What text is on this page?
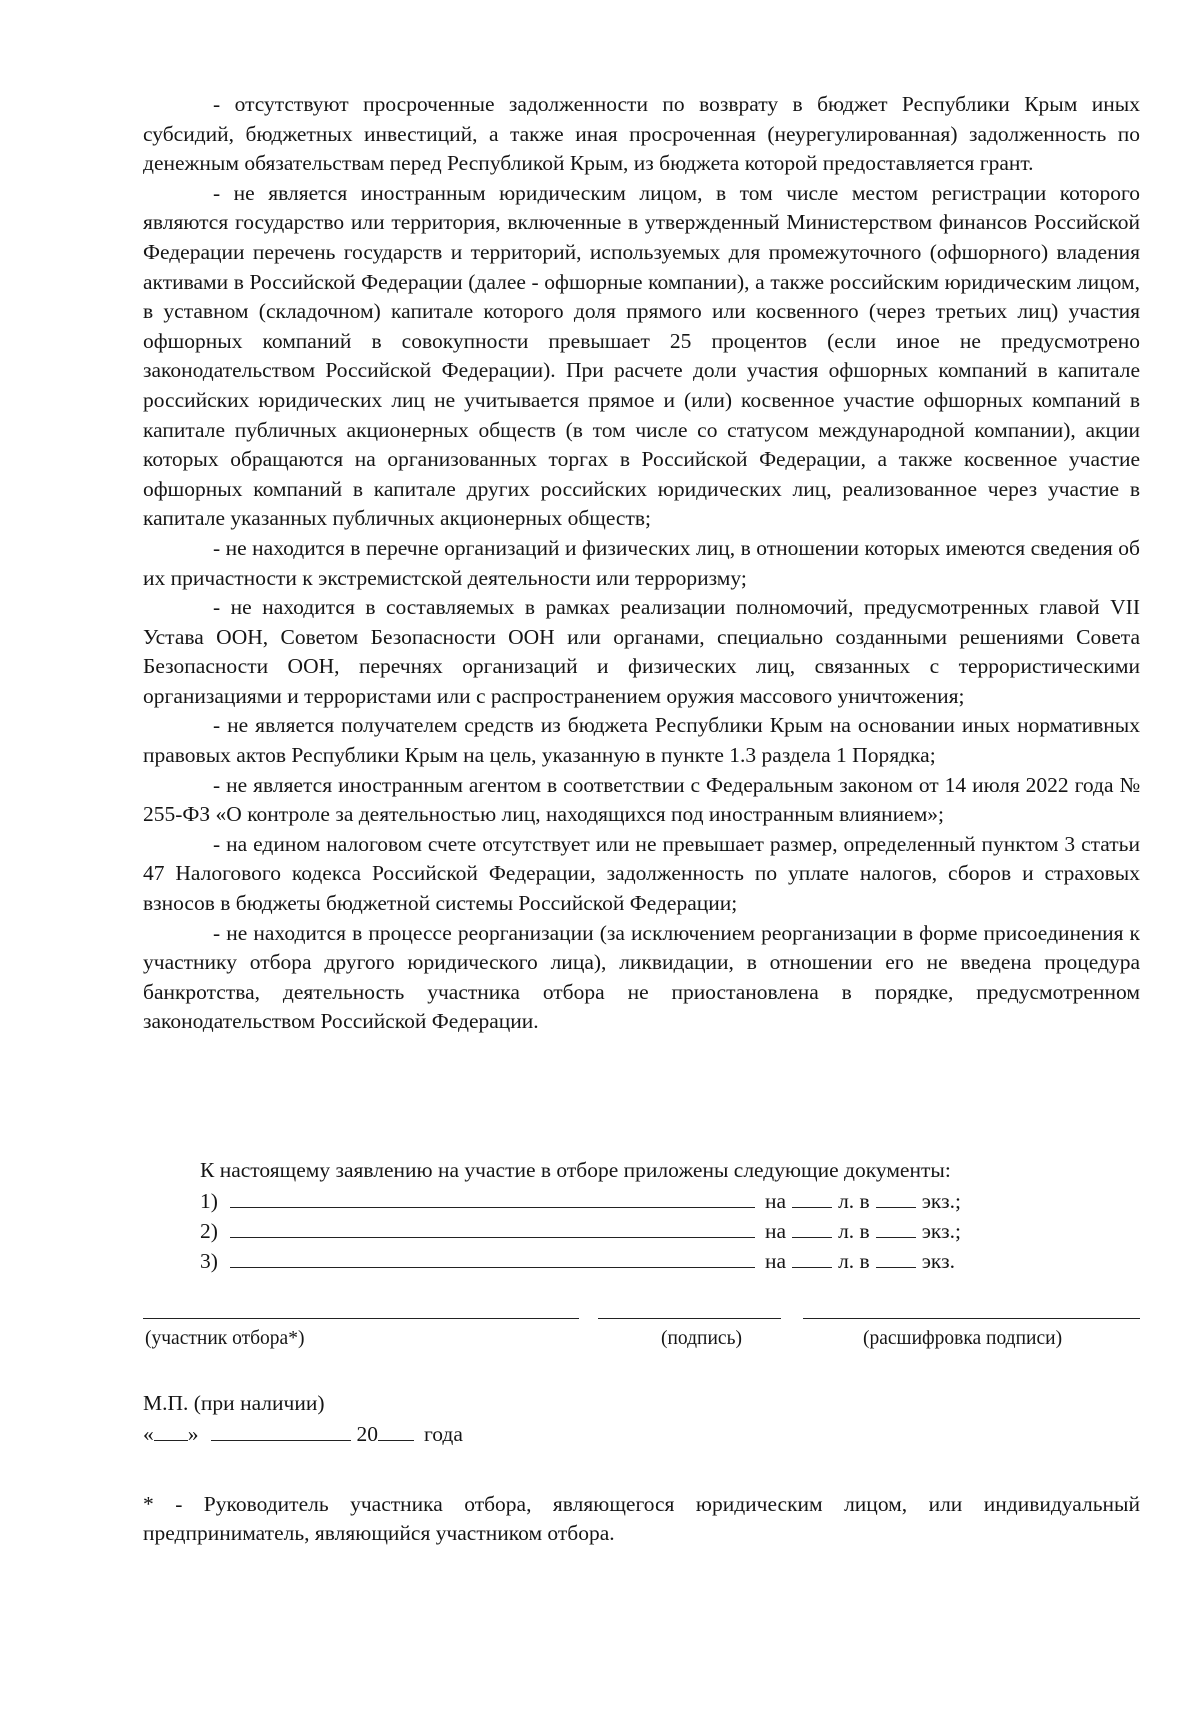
- отсутствуют просроченные задолженности по возврату в бюджет Республики Крым иных субсидий, бюджетных инвестиций, а также иная просроченная (неурегулированная) задолженность по денежным обязательствам перед Республикой Крым, из бюджета которой предоставляется грант.

- не является иностранным юридическим лицом, в том числе местом регистрации которого являются государство или территория, включенные в утвержденный Министерством финансов Российской Федерации перечень государств и территорий, используемых для промежуточного (офшорного) владения активами в Российской Федерации (далее - офшорные компании), а также российским юридическим лицом, в уставном (складочном) капитале которого доля прямого или косвенного (через третьих лиц) участия офшорных компаний в совокупности превышает 25 процентов (если иное не предусмотрено законодательством Российской Федерации). При расчете доли участия офшорных компаний в капитале российских юридических лиц не учитывается прямое и (или) косвенное участие офшорных компаний в капитале публичных акционерных обществ (в том числе со статусом международной компании), акции которых обращаются на организованных торгах в Российской Федерации, а также косвенное участие офшорных компаний в капитале других российских юридических лиц, реализованное через участие в капитале указанных публичных акционерных обществ;

- не находится в перечне организаций и физических лиц, в отношении которых имеются сведения об их причастности к экстремистской деятельности или терроризму;

- не находится в составляемых в рамках реализации полномочий, предусмотренных главой VII Устава ООН, Советом Безопасности ООН или органами, специально созданными решениями Совета Безопасности ООН, перечнях организаций и физических лиц, связанных с террористическими организациями и террористами или с распространением оружия массового уничтожения;

- не является получателем средств из бюджета Республики Крым на основании иных нормативных правовых актов Республики Крым на цель, указанную в пункте 1.3 раздела 1 Порядка;

- не является иностранным агентом в соответствии с Федеральным законом от 14 июля 2022 года № 255-ФЗ «О контроле за деятельностью лиц, находящихся под иностранным влиянием»;

- на едином налоговом счете отсутствует или не превышает размер, определенный пунктом 3 статьи 47 Налогового кодекса Российской Федерации, задолженность по уплате налогов, сборов и страховых взносов в бюджеты бюджетной системы Российской Федерации;

- не находится в процессе реорганизации (за исключением реорганизации в форме присоединения к участнику отбора другого юридического лица), ликвидации, в отношении его не введена процедура банкротства, деятельность участника отбора не приостановлена в порядке, предусмотренном законодательством Российской Федерации.

К настоящему заявлению на участие в отборе приложены следующие документы:

1)	на л. в экз.;
2)	на л. в экз.;
3)	на л. в экз.
(участник отбора*)	(подпись)	(расшифровка подписи)
М.П. (при наличии)
« »	20 года

* - Руководитель участника отбора, являющегося юридическим лицом, или индивидуальный предприниматель, являющийся участником отбора.
